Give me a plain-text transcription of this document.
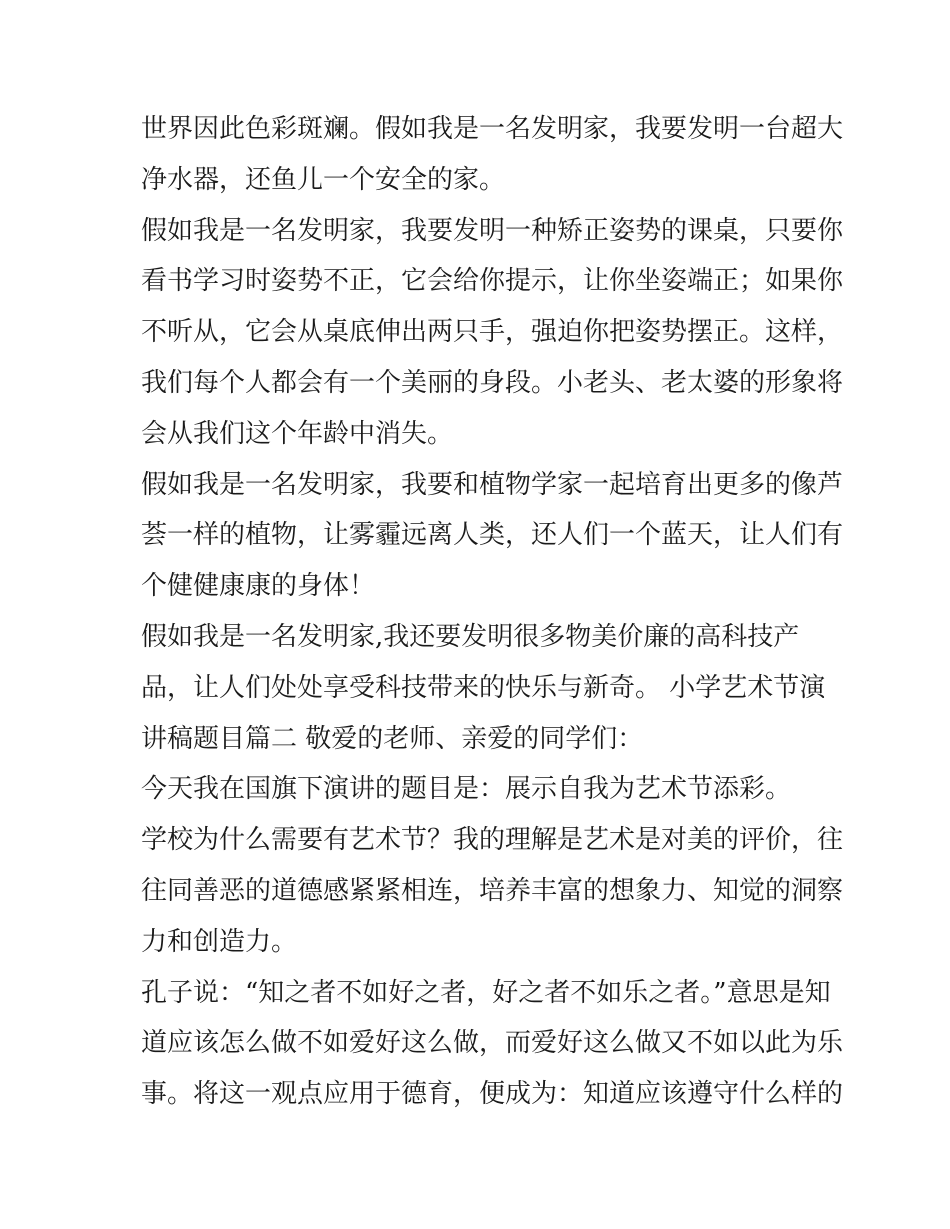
世界因此色彩斑斓。假如我是一名发明家，我要发明一台超大
净水器，还鱼儿一个安全的家。
假如我是一名发明家，我要发明一种矫正姿势的课桌，只要你
看书学习时姿势不正，它会给你提示，让你坐姿端正；如果你
不听从，它会从桌底伸出两只手，强迫你把姿势摆正。这样，
我们每个人都会有一个美丽的身段。小老头、老太婆的形象将
会从我们这个年龄中消失。
假如我是一名发明家，我要和植物学家一起培育出更多的像芦
荟一样的植物，让雾霾远离人类，还人们一个蓝天，让人们有
个健健康康的身体！
假如我是一名发明家,我还要发明很多物美价廉的高科技产
品，让人们处处享受科技带来的快乐与新奇。 小学艺术节演
讲稿题目篇二 敬爱的老师、亲爱的同学们：
今天我在国旗下演讲的题目是：展示自我为艺术节添彩。
学校为什么需要有艺术节？我的理解是艺术是对美的评价，往
往同善恶的道德感紧紧相连，培养丰富的想象力、知觉的洞察
力和创造力。
孔子说：“知之者不如好之者，好之者不如乐之者。”意思是知
道应该怎么做不如爱好这么做，而爱好这么做又不如以此为乐
事。将这一观点应用于德育，便成为：知道应该遵守什么样的
